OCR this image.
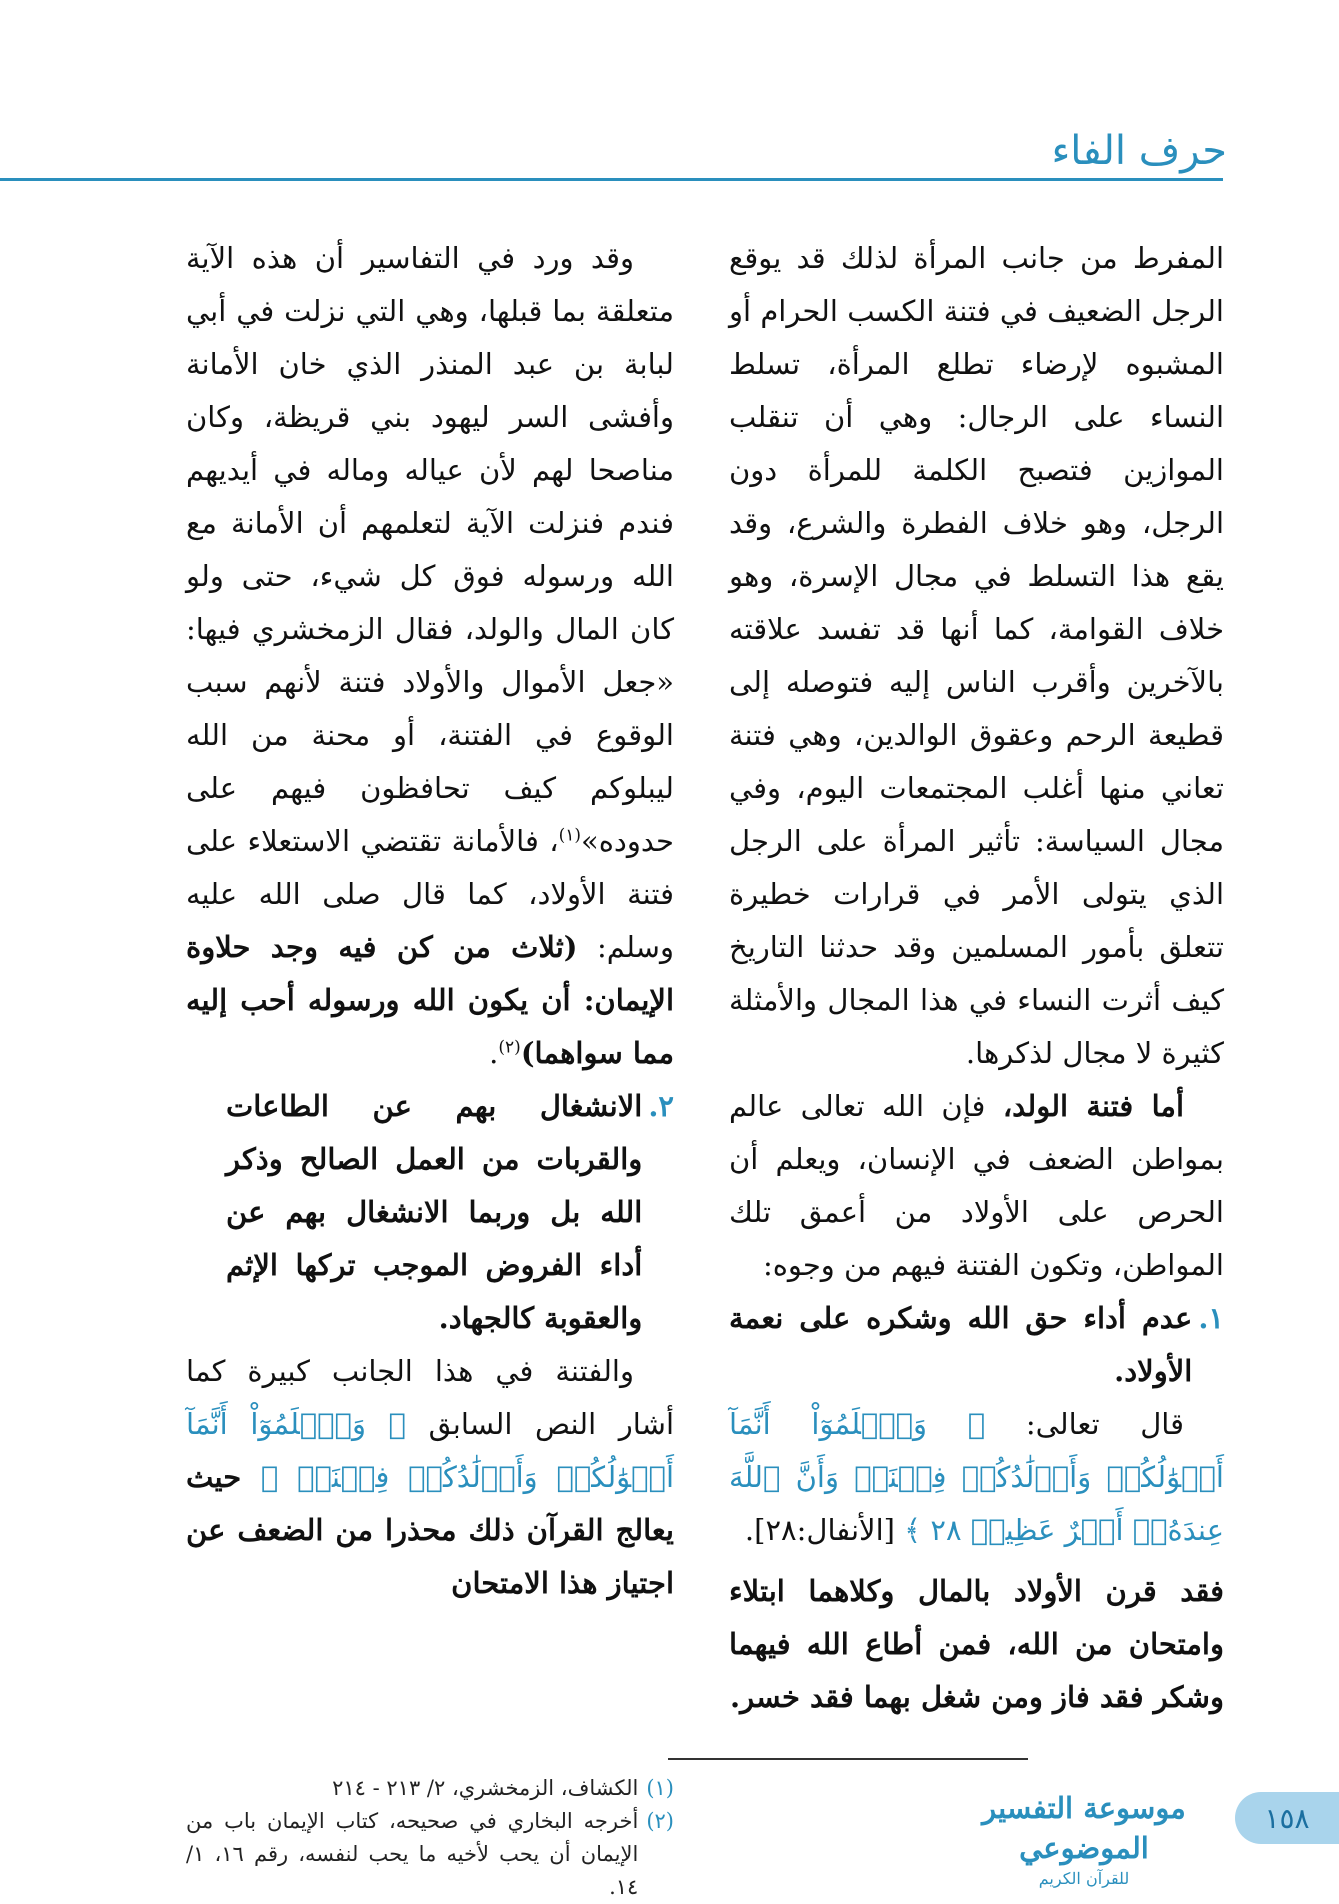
حرف الفاء

المفرط من جانب المرأة لذلك قد يوقع الرجل الضعيف في فتنة الكسب الحرام أو المشبوه لإرضاء تطلع المرأة، تسلط النساء على الرجال: وهي أن تنقلب الموازين فتصبح الكلمة للمرأة دون الرجل، وهو خلاف الفطرة والشرع، وقد يقع هذا التسلط في مجال الإسرة، وهو خلاف القوامة، كما أنها قد تفسد علاقته بالآخرين وأقرب الناس إليه فتوصله إلى قطيعة الرحم وعقوق الوالدين، وهي فتنة تعاني منها أغلب المجتمعات اليوم، وفي مجال السياسة: تأثير المرأة على الرجل الذي يتولى الأمر في قرارات خطيرة تتعلق بأمور المسلمين وقد حدثنا التاريخ كيف أثرت النساء في هذا المجال والأمثلة كثيرة لا مجال لذكرها.

أما فتنة الولد، فإن الله تعالى عالم بمواطن الضعف في الإنسان، ويعلم أن الحرص على الأولاد من أعمق تلك المواطن، وتكون الفتنة فيهم من وجوه:

١.
عدم أداء حق الله وشكره على نعمة الأولاد.

قال تعالى: ﴿ وَٱعۡلَمُوٓاْ أَنَّمَآ أَمۡوَٰلُكُمۡ وَأَوۡلَٰدُكُمۡ فِتۡنَةٞ وَأَنَّ ٱللَّهَ عِندَهُۥٓ أَجۡرٌ عَظِيمٞ ٢٨ ﴾ [الأنفال:٢٨].

فقد قرن الأولاد بالمال وكلاهما ابتلاء وامتحان من الله، فمن أطاع الله فيهما وشكر فقد فاز ومن شغل بهما فقد خسر.

وقد ورد في التفاسير أن هذه الآية متعلقة بما قبلها، وهي التي نزلت في أبي لبابة بن عبد المنذر الذي خان الأمانة وأفشى السر ليهود بني قريظة، وكان مناصحا لهم لأن عياله وماله في أيديهم فندم فنزلت الآية لتعلمهم أن الأمانة مع الله ورسوله فوق كل شيء، حتى ولو كان المال والولد، فقال الزمخشري فيها: «جعل الأموال والأولاد فتنة لأنهم سبب الوقوع في الفتنة، أو محنة من الله ليبلوكم كيف تحافظون فيهم على حدوده»$^{(١)}$، فالأمانة تقتضي الاستعلاء على فتنة الأولاد، كما قال صلى الله عليه وسلم: (ثلاث من كن فيه وجد حلاوة الإيمان: أن يكون الله ورسوله أحب إليه مما سواهما)$^{(٢)}$.

٢.
الانشغال بهم عن الطاعات والقربات من العمل الصالح وذكر الله بل وربما الانشغال بهم عن أداء الفروض الموجب تركها الإثم والعقوبة كالجهاد.

والفتنة في هذا الجانب كبيرة كما أشار النص السابق ﴿ وَٱعۡلَمُوٓاْ أَنَّمَآ أَمۡوَٰلُكُمۡ وَأَوۡلَٰدُكُمۡ فِتۡنَةٞ ﴾ حيث يعالج القرآن ذلك محذرا من الضعف عن اجتياز هذا الامتحان

(١)
الكشاف، الزمخشري، ٢/ ٢١٣ - ٢١٤
(٢)
أخرجه البخاري في صحيحه، كتاب الإيمان باب من الإيمان أن يحب لأخيه ما يحب لنفسه، رقم ١٦، ١/ ١٤.
موسوعة التفسير الموضوعي
للقرآن الكريم
١٥٨
